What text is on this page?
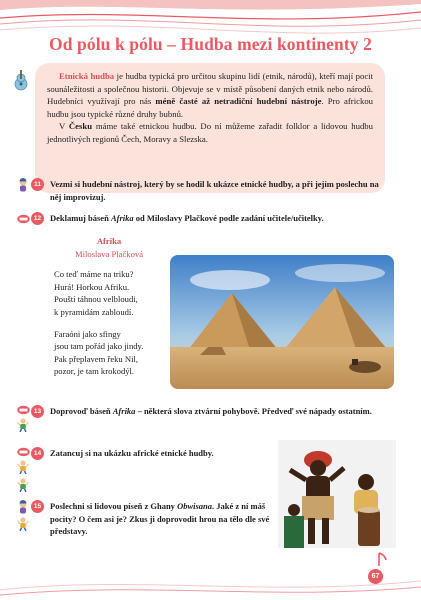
Od pólu k pólu – Hudba mezi kontinenty 2

Etnická hudba je hudba typická pro určitou skupinu lidí (etnik, národů), kteří mají pocit sounáležitosti a společnou historii. Objevuje se v místě působení daných etnik nebo národů. Hudebníci využívají pro nás méně časté až netradiční hudební nástroje. Pro africkou hudbu jsou typické různé druhy bubnů.

V Česku máme také etnickou hudbu. Do ní můžeme zařadit folklor a lidovou hudbu jednotlivých regionů Čech, Moravy a Slezska.

11	Vezmi si hudební nástroj, který by se hodil k ukázce etnické hudby, a při jejím poslechu na něj improvizuj.
12	Deklamuj báseň Afrika od Miloslavy Plačkové podle zadání učitele/učitelky.
Afrika
Miloslava Plačková
Co teď máme na triku?
Hurá! Horkou Afriku.
Pouští táhnou velbloudi,
k pyramidám zabloudí.
Faraóni jako sfingy
jsou tam pořád jako jindy.
Pak přeplavem řeku Nil,
pozor, je tam krokodýl.
13	Doprovoď báseň Afrika – některá slova ztvární pohybově. Předveď své nápady ostatním.
14	Zatancuj si na ukázku africké etnické hudby.
15	Poslechni si lidovou píseň z Ghany Obwisana. Jaké z ní máš pocity? O čem asi je? Zkus ji doprovodit hrou na tělo dle své představy.
67
